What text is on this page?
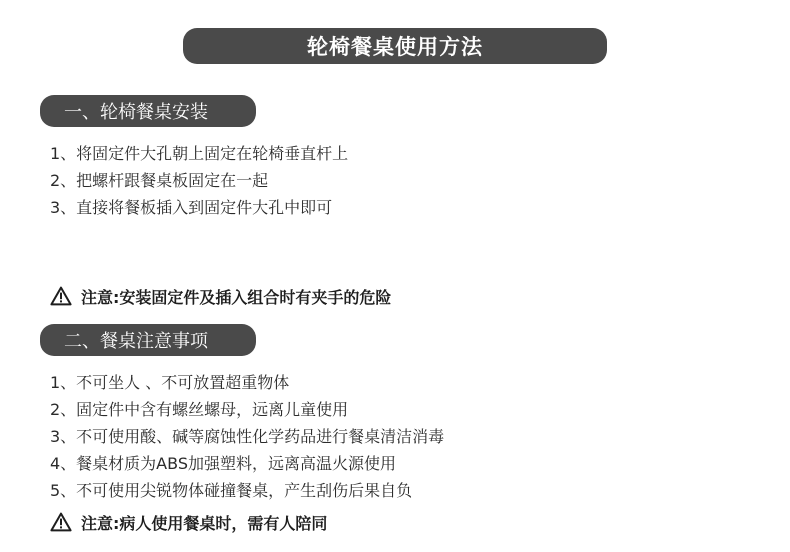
轮椅餐桌使用方法
一、轮椅餐桌安装
1、将固定件大孔朝上固定在轮椅垂直杆上
2、把螺杆跟餐桌板固定在一起
3、直接将餐板插入到固定件大孔中即可
注意:安装固定件及插入组合时有夹手的危险
二、餐桌注意事项
1、不可坐人 、不可放置超重物体
2、固定件中含有螺丝螺母，远离儿童使用
3、不可使用酸、碱等腐蚀性化学药品进行餐桌清洁消毒
4、餐桌材质为ABS加强塑料，远离高温火源使用
5、不可使用尖锐物体碰撞餐桌，产生刮伤后果自负
注意:病人使用餐桌时，需有人陪同
